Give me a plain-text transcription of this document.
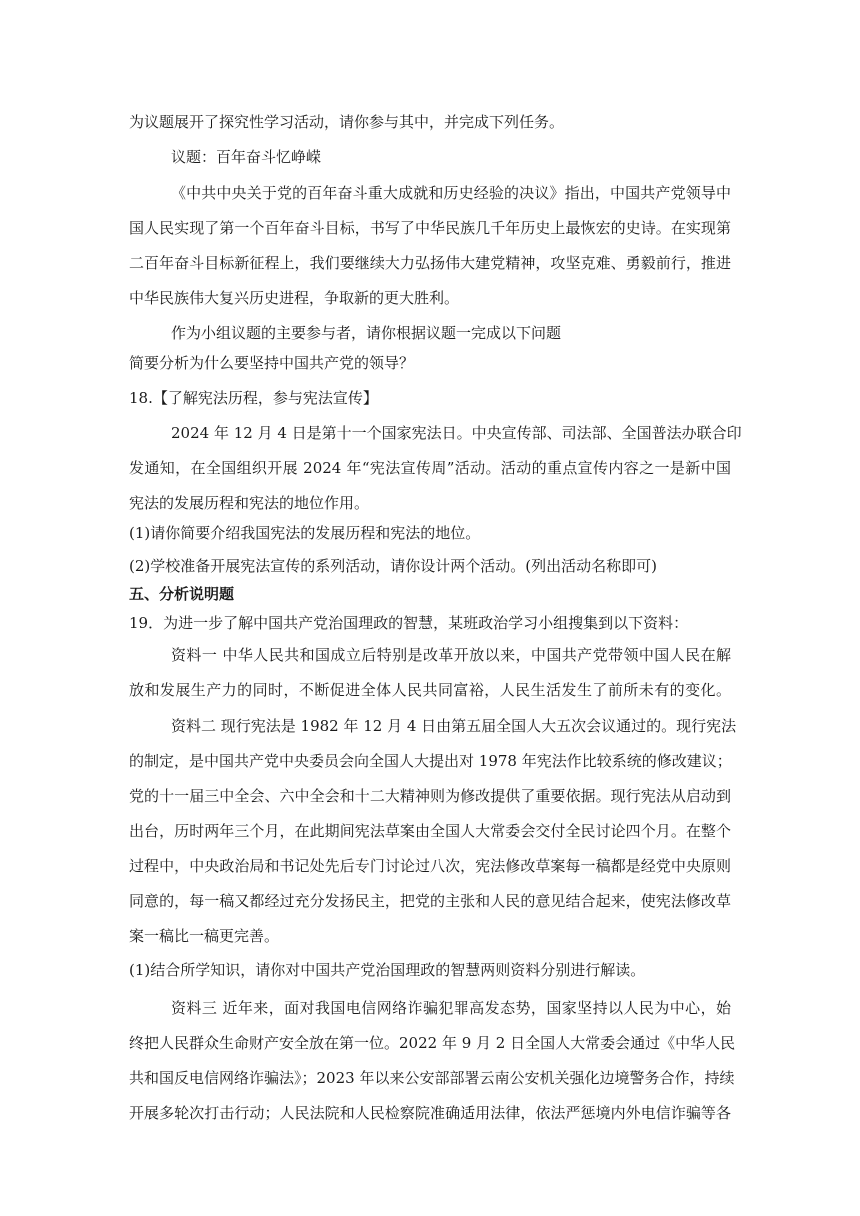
为议题展开了探究性学习活动，请你参与其中，并完成下列任务。
议题：百年奋斗忆峥嵘
《中共中央关于党的百年奋斗重大成就和历史经验的决议》指出，中国共产党领导中
国人民实现了第一个百年奋斗目标，书写了中华民族几千年历史上最恢宏的史诗。在实现第
二百年奋斗目标新征程上，我们要继续大力弘扬伟大建党精神，攻坚克难、勇毅前行，推进
中华民族伟大复兴历史进程，争取新的更大胜利。
作为小组议题的主要参与者，请你根据议题一完成以下问题
简要分析为什么要坚持中国共产党的领导？
18.【了解宪法历程，参与宪法宣传】
2024 年 12 月 4 日是第十一个国家宪法日。中央宣传部、司法部、全国普法办联合印
发通知，在全国组织开展 2024 年“宪法宣传周”活动。活动的重点宣传内容之一是新中国
宪法的发展历程和宪法的地位作用。
(1)请你简要介绍我国宪法的发展历程和宪法的地位。
(2)学校准备开展宪法宣传的系列活动，请你设计两个活动。(列出活动名称即可)
五、分析说明题
19．为进一步了解中国共产党治国理政的智慧，某班政治学习小组搜集到以下资料：
资料一 中华人民共和国成立后特别是改革开放以来，中国共产党带领中国人民在解
放和发展生产力的同时，不断促进全体人民共同富裕，人民生活发生了前所未有的变化。
资料二 现行宪法是 1982 年 12 月 4 日由第五届全国人大五次会议通过的。现行宪法
的制定，是中国共产党中央委员会向全国人大提出对 1978 年宪法作比较系统的修改建议；
党的十一届三中全会、六中全会和十二大精神则为修改提供了重要依据。现行宪法从启动到
出台，历时两年三个月，在此期间宪法草案由全国人大常委会交付全民讨论四个月。在整个
过程中，中央政治局和书记处先后专门讨论过八次，宪法修改草案每一稿都是经党中央原则
同意的，每一稿又都经过充分发扬民主，把党的主张和人民的意见结合起来，使宪法修改草
案一稿比一稿更完善。
(1)结合所学知识，请你对中国共产党治国理政的智慧两则资料分别进行解读。
资料三 近年来，面对我国电信网络诈骗犯罪高发态势，国家坚持以人民为中心，始
终把人民群众生命财产安全放在第一位。2022 年 9 月 2 日全国人大常委会通过《中华人民
共和国反电信网络诈骗法》；2023 年以来公安部部署云南公安机关强化边境警务合作，持续
开展多轮次打击行动；人民法院和人民检察院准确适用法律，依法严惩境内外电信诈骗等各
